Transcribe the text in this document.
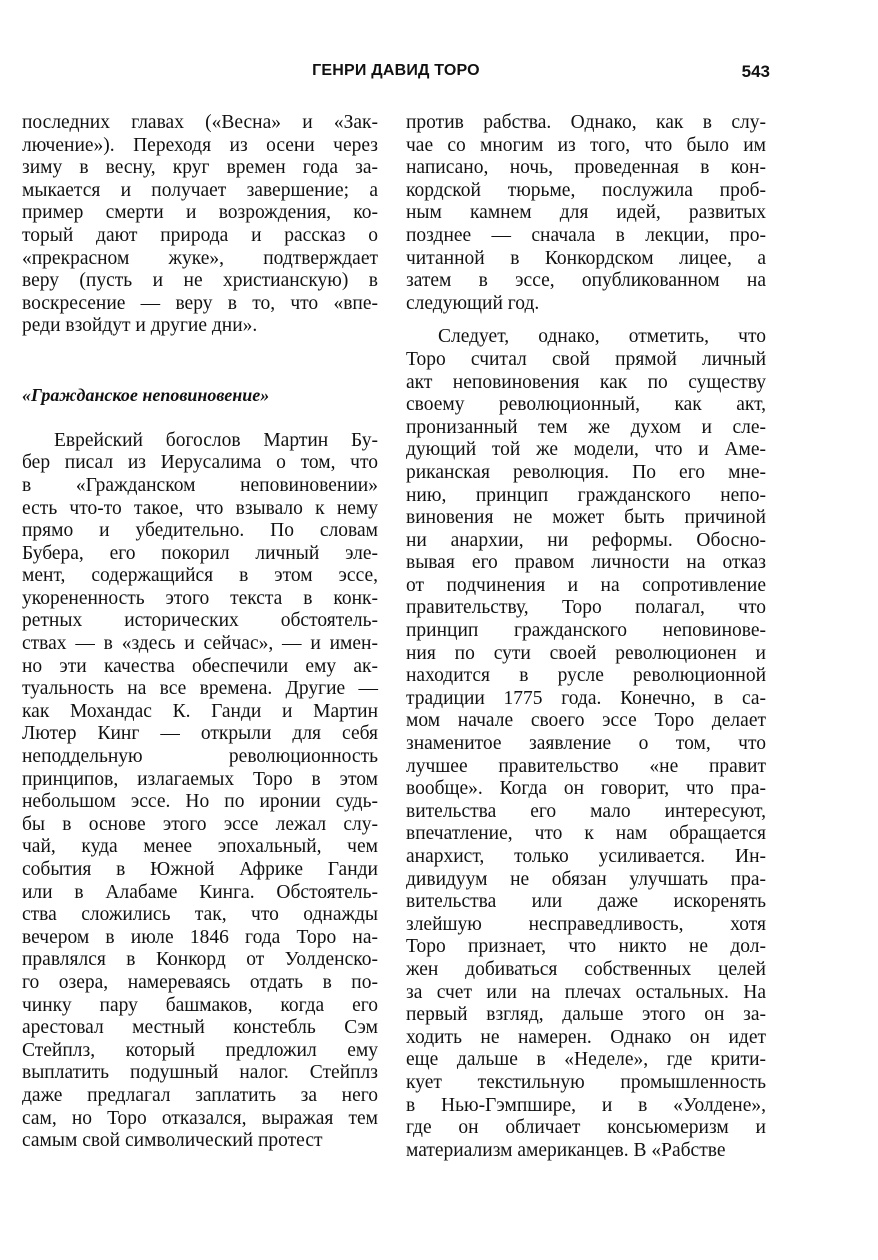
ГЕНРИ ДАВИД ТОРО	543
последних главах («Весна» и «Зак-
лючение»). Переходя из осени через
зиму в весну, круг времен года за-
мыкается и получает завершение; а
пример смерти и возрождения, ко-
торый дают природа и рассказ о
«прекрасном жуке», подтверждает
веру (пусть и не христианскую) в
воскресение — веру в то, что «впе-
реди взойдут и другие дни».
«Гражданское неповиновение»
Еврейский богослов Мартин Бу-
бер писал из Иерусалима о том, что
в «Гражданском неповиновении»
есть что-то такое, что взывало к нему
прямо и убедительно. По словам
Бубера, его покорил личный эле-
мент, содержащийся в этом эссе,
укорененность этого текста в конк-
ретных исторических обстоятель-
ствах — в «здесь и сейчас», — и имен-
но эти качества обеспечили ему ак-
туальность на все времена. Другие —
как Мохандас К. Ганди и Мартин
Лютер Кинг — открыли для себя
неподдельную революционность
принципов, излагаемых Торо в этом
небольшом эссе. Но по иронии судь-
бы в основе этого эссе лежал слу-
чай, куда менее эпохальный, чем
события в Южной Африке Ганди
или в Алабаме Кинга. Обстоятель-
ства сложились так, что однажды
вечером в июле 1846 года Торо на-
правлялся в Конкорд от Уолденско-
го озера, намереваясь отдать в по-
чинку пару башмаков, когда его
арестовал местный констебль Сэм
Стейплз, который предложил ему
выплатить подушный налог. Стейплз
даже предлагал заплатить за него
сам, но Торо отказался, выражая тем
самым свой символический протест
против рабства. Однако, как в слу-
чае со многим из того, что было им
написано, ночь, проведенная в кон-
кордской тюрьме, послужила проб-
ным камнем для идей, развитых
позднее — сначала в лекции, про-
читанной в Конкордском лицее, а
затем в эссе, опубликованном на
следующий год.
Следует, однако, отметить, что
Торо считал свой прямой личный
акт неповиновения как по существу
своему революционный, как акт,
пронизанный тем же духом и сле-
дующий той же модели, что и Аме-
риканская революция. По его мне-
нию, принцип гражданского непо-
виновения не может быть причиной
ни анархии, ни реформы. Обосно-
вывая его правом личности на отказ
от подчинения и на сопротивление
правительству, Торо полагал, что
принцип гражданского неповинове-
ния по сути своей революционен и
находится в русле революционной
традиции 1775 года. Конечно, в са-
мом начале своего эссе Торо делает
знаменитое заявление о том, что
лучшее правительство «не правит
вообще». Когда он говорит, что пра-
вительства его мало интересуют,
впечатление, что к нам обращается
анархист, только усиливается. Ин-
дивидуум не обязан улучшать пра-
вительства или даже искоренять
злейшую несправедливость, хотя
Торо признает, что никто не дол-
жен добиваться собственных целей
за счет или на плечах остальных. На
первый взгляд, дальше этого он за-
ходить не намерен. Однако он идет
еще дальше в «Неделе», где крити-
кует текстильную промышленность
в Нью-Гэмпшире, и в «Уолдене»,
где он обличает консьюмеризм и
материализм американцев. В «Рабстве
